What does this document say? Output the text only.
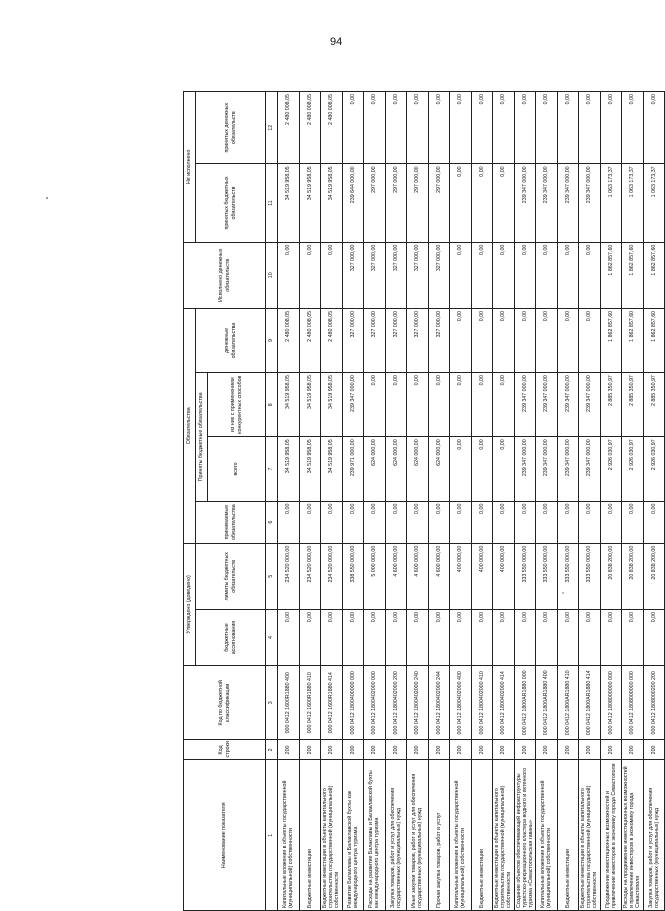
94
Наименование показателя	Код строки	Код по бюджетной классификации	Утверждено (доведено)		Обязательства				Исполнено денежных обязательств	Не исполнено	
			бюджетные ассигнования	лимиты бюджетных обязательств	принимаемые обязательства	Приняты бюджетные обязательства		денежные обязательства		принятых бюджетных обязательств	принятых денежных обязательств
						всего	из них с применением конкурентных способов				
1	2	3	4	5	6	7	8	9	10	11	12
Капитальные вложения в объекты государственной (муниципальной) собственности	200	000 0412 1600R1880 400	0,00	234 520 000,00	0,00	34 519 958,05	34 519 958,05	2 480 008,05	0,00	34 519 958,05	2 480 008,05
Бюджетные инвестиции	200	000 0412 1600R1880 410	0,00	234 520 000,00	0,00	34 519 958,05	34 519 958,05	2 480 008,05	0,00	34 519 958,05	2 480 008,05
Бюджетные инвестиции в объекты капитального строительства государственной (муниципальной) собственности	200	000 0412 1600R1880 414	0,00	234 520 000,00	0,00	34 519 958,05	34 519 958,05	2 480 008,05	0,00	34 519 958,05	2 480 008,05
Развитие Балаклавы и Балаклавской бухты как международного центра туризма	200	000 0412 1800400000 000	0,00	338 550 000,00	0,00	239 971 000,00	239 347 000,00	327 000,00	327 000,00	239 644 000,00	0,00
Расходы на развитие Балаклавы и Балаклавской бухты как международного центра туризма	200	000 0412 1800402000 000	0,00	5 000 000,00	0,00	624 000,00	0,00	327 000,00	327 000,00	297 000,00	0,00
Закупка товаров, работ и услуг для обеспечения государственных (муниципальных) нужд	200	000 0412 1800402000 200	0,00	4 600 000,00	0,00	624 000,00	0,00	327 000,00	327 000,00	297 000,00	0,00
Иные закупки товаров, работ и услуг для обеспечения государственных (муниципальных) нужд	200	000 0412 1800402000 240	0,00	4 600 000,00	0,00	624 000,00	0,00	327 000,00	327 000,00	297 000,00	0,00
Прочая закупка товаров, работ и услуг	200	000 0412 1800402000 244	0,00	4 600 000,00	0,00	624 000,00	0,00	327 000,00	327 000,00	297 000,00	0,00
Капитальные вложения в объекты государственной (муниципальной) собственности	200	000 0412 1800402000 400	0,00	400 000,00	0,00	0,00	0,00	0,00	0,00	0,00	0,00
Бюджетные инвестиции	200	000 0412 1800402000 410	0,00	400 000,00	0,00	0,00	0,00	0,00	0,00	0,00	0,00
Бюджетные инвестиции в объекты капитального строительства государственной (муниципальной) собственности	200	000 0412 1800402000 414	0,00	400 000,00	0,00	0,00	0,00	0,00	0,00	0,00	0,00
Создание объектов обеспечивающей инфраструктуры туристско-рекреационного кластера водного и яхтенного туризма «Севастопольская гавань»	200	000 0412 1800АR1880 000	0,00	333 550 000,00	0,00	239 347 000,00	239 347 000,00	0,00	0,00	239 347 000,00	0,00
Капитальные вложения в объекты государственной (муниципальной) собственности	200	000 0412 1800АR1880 400	0,00	333 550 000,00	0,00	239 347 000,00	239 347 000,00	0,00	0,00	239 347 000,00	0,00
Бюджетные инвестиции	200	000 0412 1800АR1880 410	0,00	333 550 000,00	0,00	239 347 000,00	239 347 000,00	0,00	0,00	239 347 000,00	0,00
Бюджетные инвестиции в объекты капитального строительства государственной (муниципальной) собственности	200	000 0412 1800АR1880 414	0,00	333 550 000,00	0,00	239 347 000,00	239 347 000,00	0,00	0,00	239 347 000,00	0,00
Продвижение инвестиционных возможностей и привлечение инвесторов в экономику города Севастополя	200	000 0412 1808000000 000	0,00	20 838 200,00	0,00	2 926 030,97	2 885 350,97	1 862 857,60	1 862 857,60	1 063 173,37	0,00
Расходы на продвижение инвестиционных возможностей и привлечение инвесторов в экономику города Севастополя	200	000 0412 1808000000 000	0,00	20 838 200,00	0,00	2 926 030,97	2 885 350,97	1 862 857,60	1 862 857,60	1 063 173,37	0,00
Закупка товаров, работ и услуг для обеспечения государственных (муниципальных) нужд	200	000 0412 1808000200 200	0,00	20 838 200,00	0,00	2 926 030,97	2 885 350,97	1 862 857,60	1 862 857,60	1 063 173,37	0,00
